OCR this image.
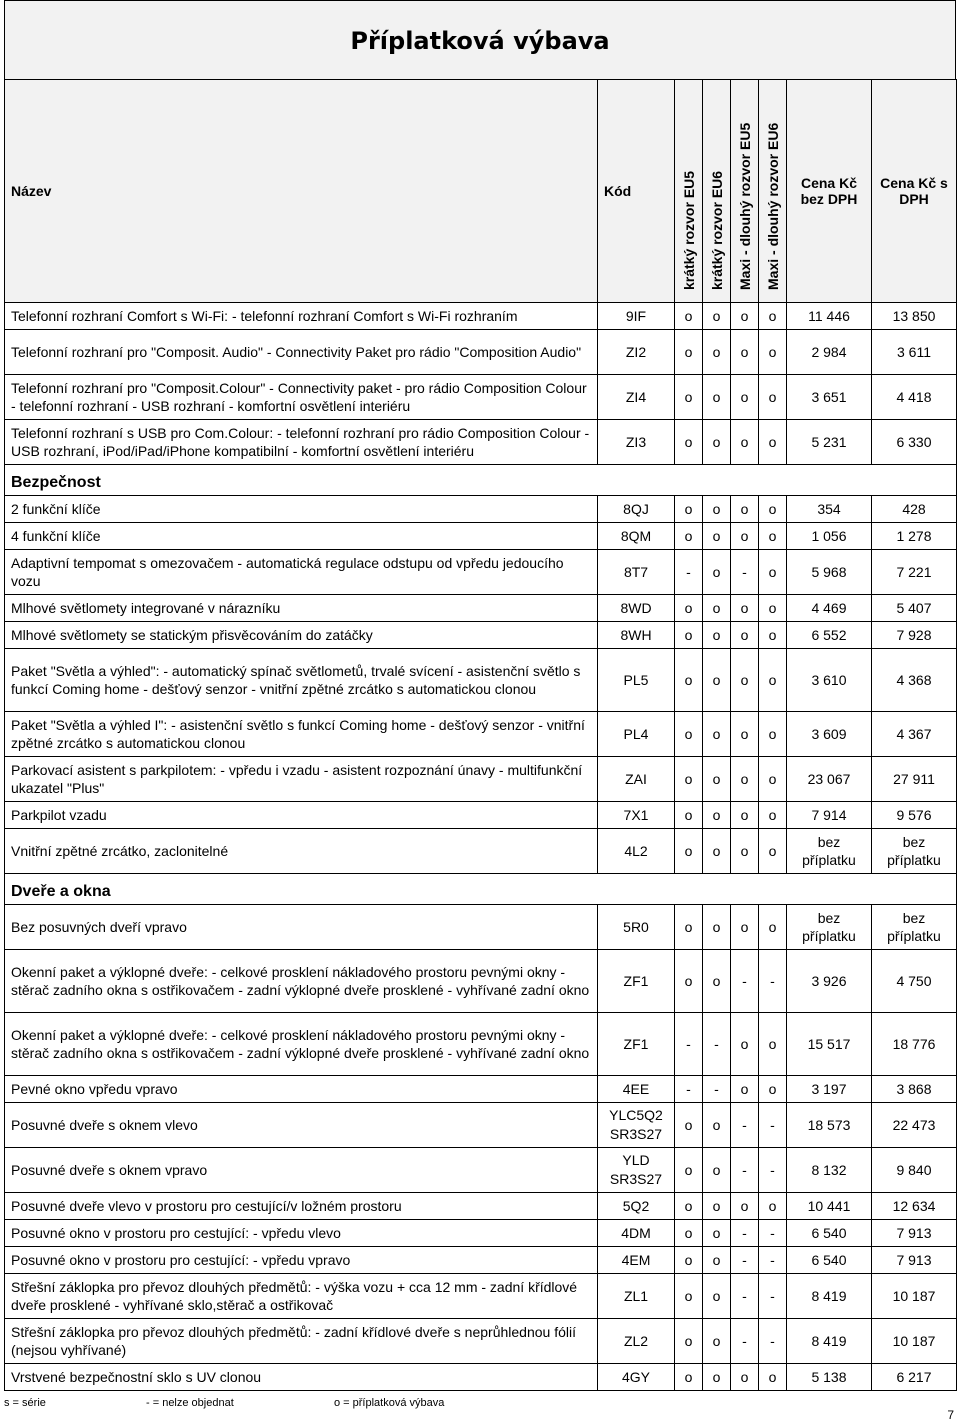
Příplatková výbava
Název	Kód	krátký rozvor EU5	krátký rozvor EU6	Maxi - dlouhý rozvor EU5	Maxi - dlouhý rozvor EU6	Cena Kč bez DPH	Cena Kč s DPH
Telefonní rozhraní Comfort s Wi-Fi: - telefonní rozhraní Comfort s Wi-Fi rozhraním	9IF	o	o	o	o	11 446	13 850
Telefonní rozhraní pro "Composit. Audio" - Connectivity Paket pro rádio "Composition Audio"	ZI2	o	o	o	o	2 984	3 611
Telefonní rozhraní pro "Composit.Colour" - Connectivity paket - pro rádio Composition Colour - telefonní rozhraní - USB rozhraní - komfortní osvětlení interiéru	ZI4	o	o	o	o	3 651	4 418
Telefonní rozhraní s USB pro Com.Colour: - telefonní rozhraní pro rádio Composition Colour - USB rozhraní, iPod/iPad/iPhone kompatibilní - komfortní osvětlení interiéru	ZI3	o	o	o	o	5 231	6 330
Bezpečnost							
2 funkční klíče	8QJ	o	o	o	o	354	428
4 funkční klíče	8QM	o	o	o	o	1 056	1 278
Adaptivní tempomat s omezovačem - automatická regulace odstupu od vpředu jedoucího vozu	8T7	-	o	-	o	5 968	7 221
Mlhové světlomety integrované v nárazníku	8WD	o	o	o	o	4 469	5 407
Mlhové světlomety se statickým přisvěcováním do zatáčky	8WH	o	o	o	o	6 552	7 928
Paket "Světla a výhled": - automatický spínač světlometů, trvalé svícení - asistenční světlo s funkcí Coming home - dešťový senzor - vnitřní zpětné zrcátko s automatickou clonou	PL5	o	o	o	o	3 610	4 368
Paket "Světla a výhled I": - asistenční světlo s funkcí Coming home - dešťový senzor - vnitřní zpětné zrcátko s automatickou clonou	PL4	o	o	o	o	3 609	4 367
Parkovací asistent s parkpilotem: - vpředu i vzadu - asistent rozpoznání únavy - multifunkční ukazatel "Plus"	ZAI	o	o	o	o	23 067	27 911
Parkpilot vzadu	7X1	o	o	o	o	7 914	9 576
Vnitřní zpětné zrcátko, zaclonitelné	4L2	o	o	o	o	bez příplatku	bez příplatku
Dveře a okna							
Bez posuvných dveří vpravo	5R0	o	o	o	o	bez příplatku	bez příplatku
Okenní paket a výklopné dveře: - celkové prosklení nákladového prostoru pevnými okny - stěrač zadního okna s ostřikovačem - zadní výklopné dveře prosklené - vyhřívané zadní okno	ZF1	o	o	-	-	3 926	4 750
Okenní paket a výklopné dveře: - celkové prosklení nákladového prostoru pevnými okny - stěrač zadního okna s ostřikovačem - zadní výklopné dveře prosklené - vyhřívané zadní okno	ZF1	-	-	o	o	15 517	18 776
Pevné okno vpředu vpravo	4EE	-	-	o	o	3 197	3 868
Posuvné dveře s oknem vlevo	YLC5Q2 SR3S27	o	o	-	-	18 573	22 473
Posuvné dveře s oknem vpravo	YLD SR3S27	o	o	-	-	8 132	9 840
Posuvné dveře vlevo v prostoru pro cestující/v ložném prostoru	5Q2	o	o	o	o	10 441	12 634
Posuvné okno v prostoru pro cestující: - vpředu vlevo	4DM	o	o	-	-	6 540	7 913
Posuvné okno v prostoru pro cestující: - vpředu vpravo	4EM	o	o	-	-	6 540	7 913
Střešní záklopka pro převoz dlouhých předmětů: - výška vozu + cca 12 mm - zadní křídlové dveře prosklené - vyhřívané sklo,stěrač a ostřikovač	ZL1	o	o	-	-	8 419	10 187
Střešní záklopka pro převoz dlouhých předmětů: - zadní křídlové dveře s neprůhlednou fólií (nejsou vyhřívané)	ZL2	o	o	-	-	8 419	10 187
Vrstvené bezpečnostní sklo s UV clonou	4GY	o	o	o	o	5 138	6 217
s = série	- = nelze objednat	o = příplatková výbava
7
